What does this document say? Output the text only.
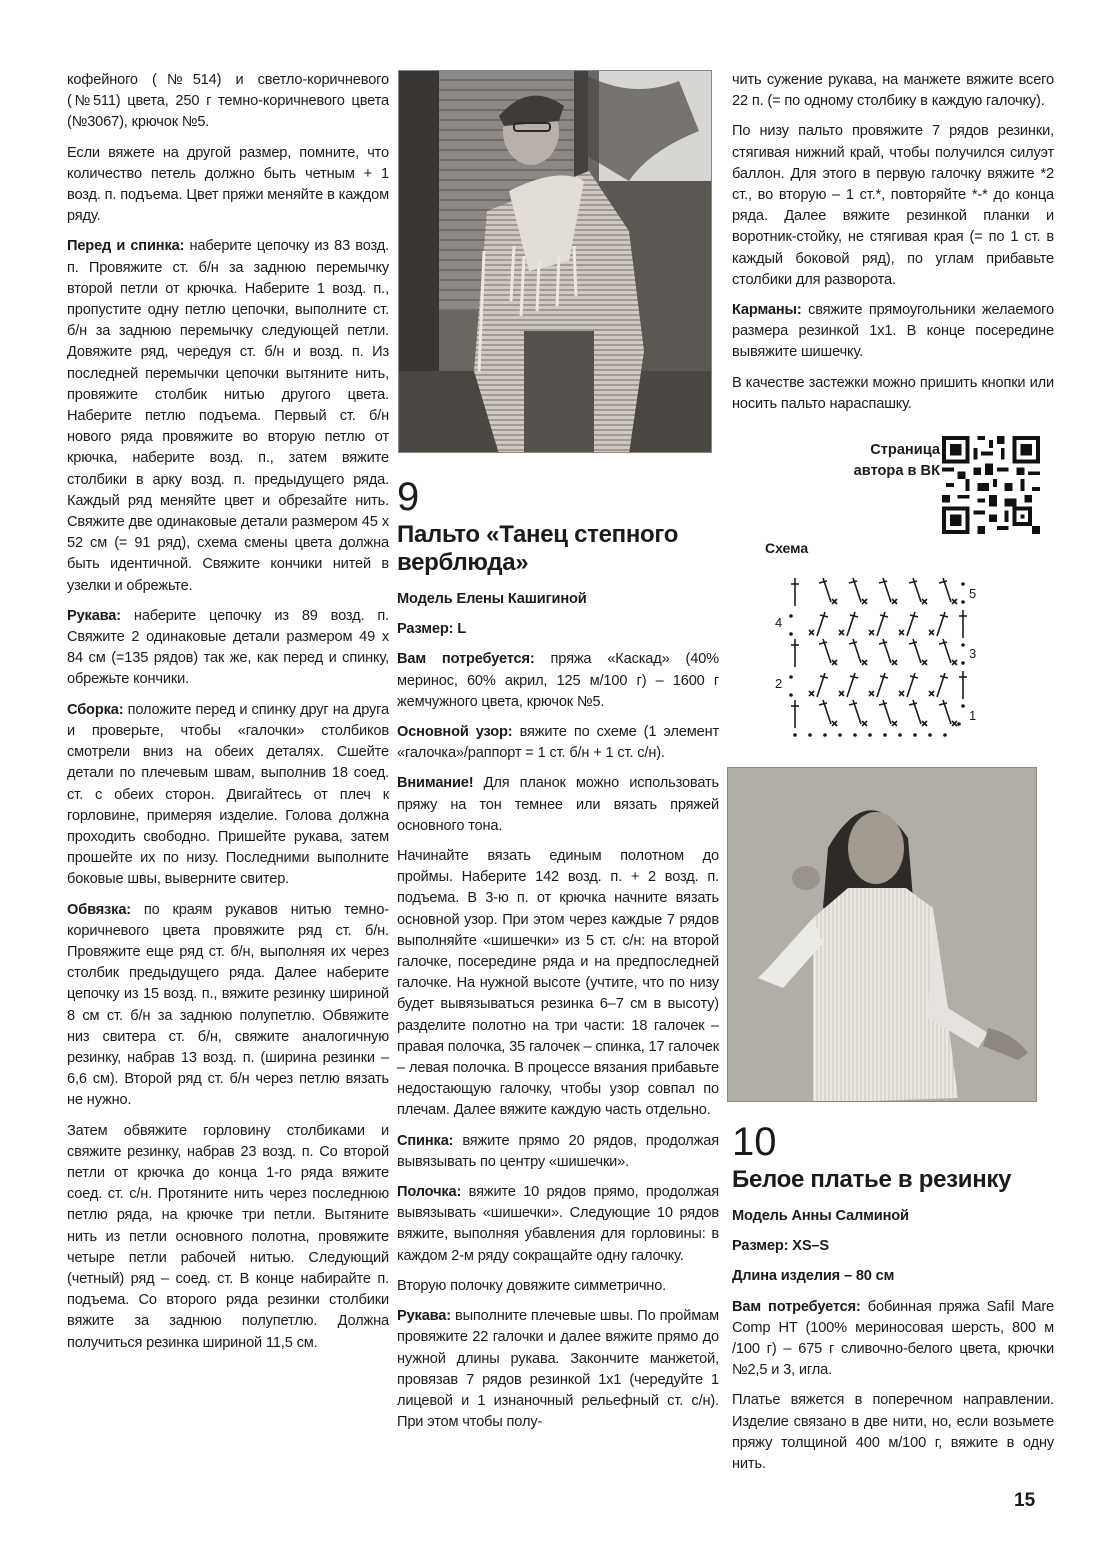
кофейного (№514) и светло-коричневого (№511) цвета, 250 г темно-коричневого цвета (№3067), крючок №5.

Если вяжете на другой размер, помните, что количество петель должно быть четным + 1 возд. п. подъема. Цвет пряжи меняйте в каждом ряду.

Перед и спинка: наберите цепочку из 83 возд. п. Провяжите ст. б/н за заднюю перемычку второй петли от крючка. Наберите 1 возд. п., пропустите одну петлю цепочки, выполните ст. б/н за заднюю перемычку следующей петли. Довяжите ряд, чередуя ст. б/н и возд. п. Из последней перемычки цепочки вытяните нить, провяжите столбик нитью другого цвета. Наберите петлю подъема. Первый ст. б/н нового ряда провяжите во вторую петлю от крючка, наберите возд. п., затем вяжите столбики в арку возд. п. предыдущего ряда. Каждый ряд меняйте цвет и обрезайте нить. Свяжите две одинаковые детали размером 45 х 52 см (= 91 ряд), схема смены цвета должна быть идентичной. Свяжите кончики нитей в узелки и обрежьте.

Рукава: наберите цепочку из 89 возд. п. Свяжите 2 одинаковые детали размером 49 х 84 см (=135 рядов) так же, как перед и спинку, обрежьте кончики.

Сборка: положите перед и спинку друг на друга и проверьте, чтобы «галочки» столбиков смотрели вниз на обеих деталях. Сшейте детали по плечевым швам, выполнив 18 соед. ст. с обеих сторон. Двигайтесь от плеч к горловине, примеряя изделие. Голова должна проходить свободно. Пришейте рукава, затем прошейте их по низу. Последними выполните боковые швы, выверните свитер.

Обвязка: по краям рукавов нитью темно-коричневого цвета провяжите ряд ст. б/н. Провяжите еще ряд ст. б/н, выполняя их через столбик предыдущего ряда. Далее наберите цепочку из 15 возд. п., вяжите резинку шириной 8 см ст. б/н за заднюю полупетлю. Обвяжите низ свитера ст. б/н, свяжите аналогичную резинку, набрав 13 возд. п. (ширина резинки – 6,6 см). Второй ряд ст. б/н через петлю вязать не нужно.

Затем обвяжите горловину столбиками и свяжите резинку, набрав 23 возд. п. Со второй петли от крючка до конца 1-го ряда вяжите соед. ст. с/н. Протяните нить через последнюю петлю ряда, на крючке три петли. Вытяните нить из петли основного полотна, провяжите четыре петли рабочей нитью. Следующий (четный) ряд – соед. ст. В конце набирайте п. подъема. Со второго ряда резинки столбики вяжите за заднюю полупетлю. Должна получиться резинка шириной 11,5 см.

9
Пальто «Танец степного верблюда»

Модель Елены Кашигиной

Размер: L

Вам потребуется: пряжа «Каскад» (40% меринос, 60% акрил, 125 м/100 г) – 1600 г жемчужного цвета, крючок №5.

Основной узор: вяжите по схеме (1 элемент «галочка»/раппорт = 1 ст. б/н + 1 ст. с/н).

Внимание! Для планок можно использовать пряжу на тон темнее или вязать пряжей основного тона.

Начинайте вязать единым полотном до проймы. Наберите 142 возд. п. + 2 возд. п. подъема. В 3-ю п. от крючка начните вязать основной узор. При этом через каждые 7 рядов выполняйте «шишечки» из 5 ст. с/н: на второй галочке, посередине ряда и на предпоследней галочке. На нужной высоте (учтите, что по низу будет вывязываться резинка 6–7 см в высоту) разделите полотно на три части: 18 галочек – правая полочка, 35 галочек – спинка, 17 галочек – левая полочка. В процессе вязания прибавьте недостающую галочку, чтобы узор совпал по плечам. Далее вяжите каждую часть отдельно.

Спинка: вяжите прямо 20 рядов, продолжая вывязывать по центру «шишечки».

Полочка: вяжите 10 рядов прямо, продолжая вывязывать «шишечки». Следующие 10 рядов вяжите, выполняя убавления для горловины: в каждом 2-м ряду сокращайте одну галочку.

Вторую полочку довяжите симметрично.

Рукава: выполните плечевые швы. По проймам провяжите 22 галочки и далее вяжите прямо до нужной длины рукава. Закончите манжетой, провязав 7 рядов резинкой 1х1 (чередуйте 1 лицевой и 1 изнаночный рельефный ст. с/н). При этом чтобы полу-

чить сужение рукава, на манжете вяжите всего 22 п. (= по одному столбику в каждую галочку).

По низу пальто провяжите 7 рядов резинки, стягивая нижний край, чтобы получился силуэт баллон. Для этого в первую галочку вяжите *2 ст., во вторую – 1 ст.*, повторяйте *-* до конца ряда. Далее вяжите резинкой планки и воротник-стойку, не стягивая края (= по 1 ст. в каждый боковой ряд), по углам прибавьте столбики для разворота.

Карманы: свяжите прямоугольники желаемого размера резинкой 1х1. В конце посередине вывяжите шишечку.

В качестве застежки можно пришить кнопки или носить пальто нараспашку.

Страница
автора в ВК
Схема
5
4
3
2
1
10
Белое платье в резинку

Модель Анны Салминой

Размер: XS–S

Длина изделия – 80 см

Вам потребуется: бобинная пряжа Safil Mare Comp HT (100% мериносовая шерсть, 800 м /100 г) – 675 г сливочно-белого цвета, крючки №2,5 и 3, игла.

Платье вяжется в поперечном направлении. Изделие связано в две нити, но, если возьмете пряжу толщиной 400 м/100 г, вяжите в одну нить.

15
